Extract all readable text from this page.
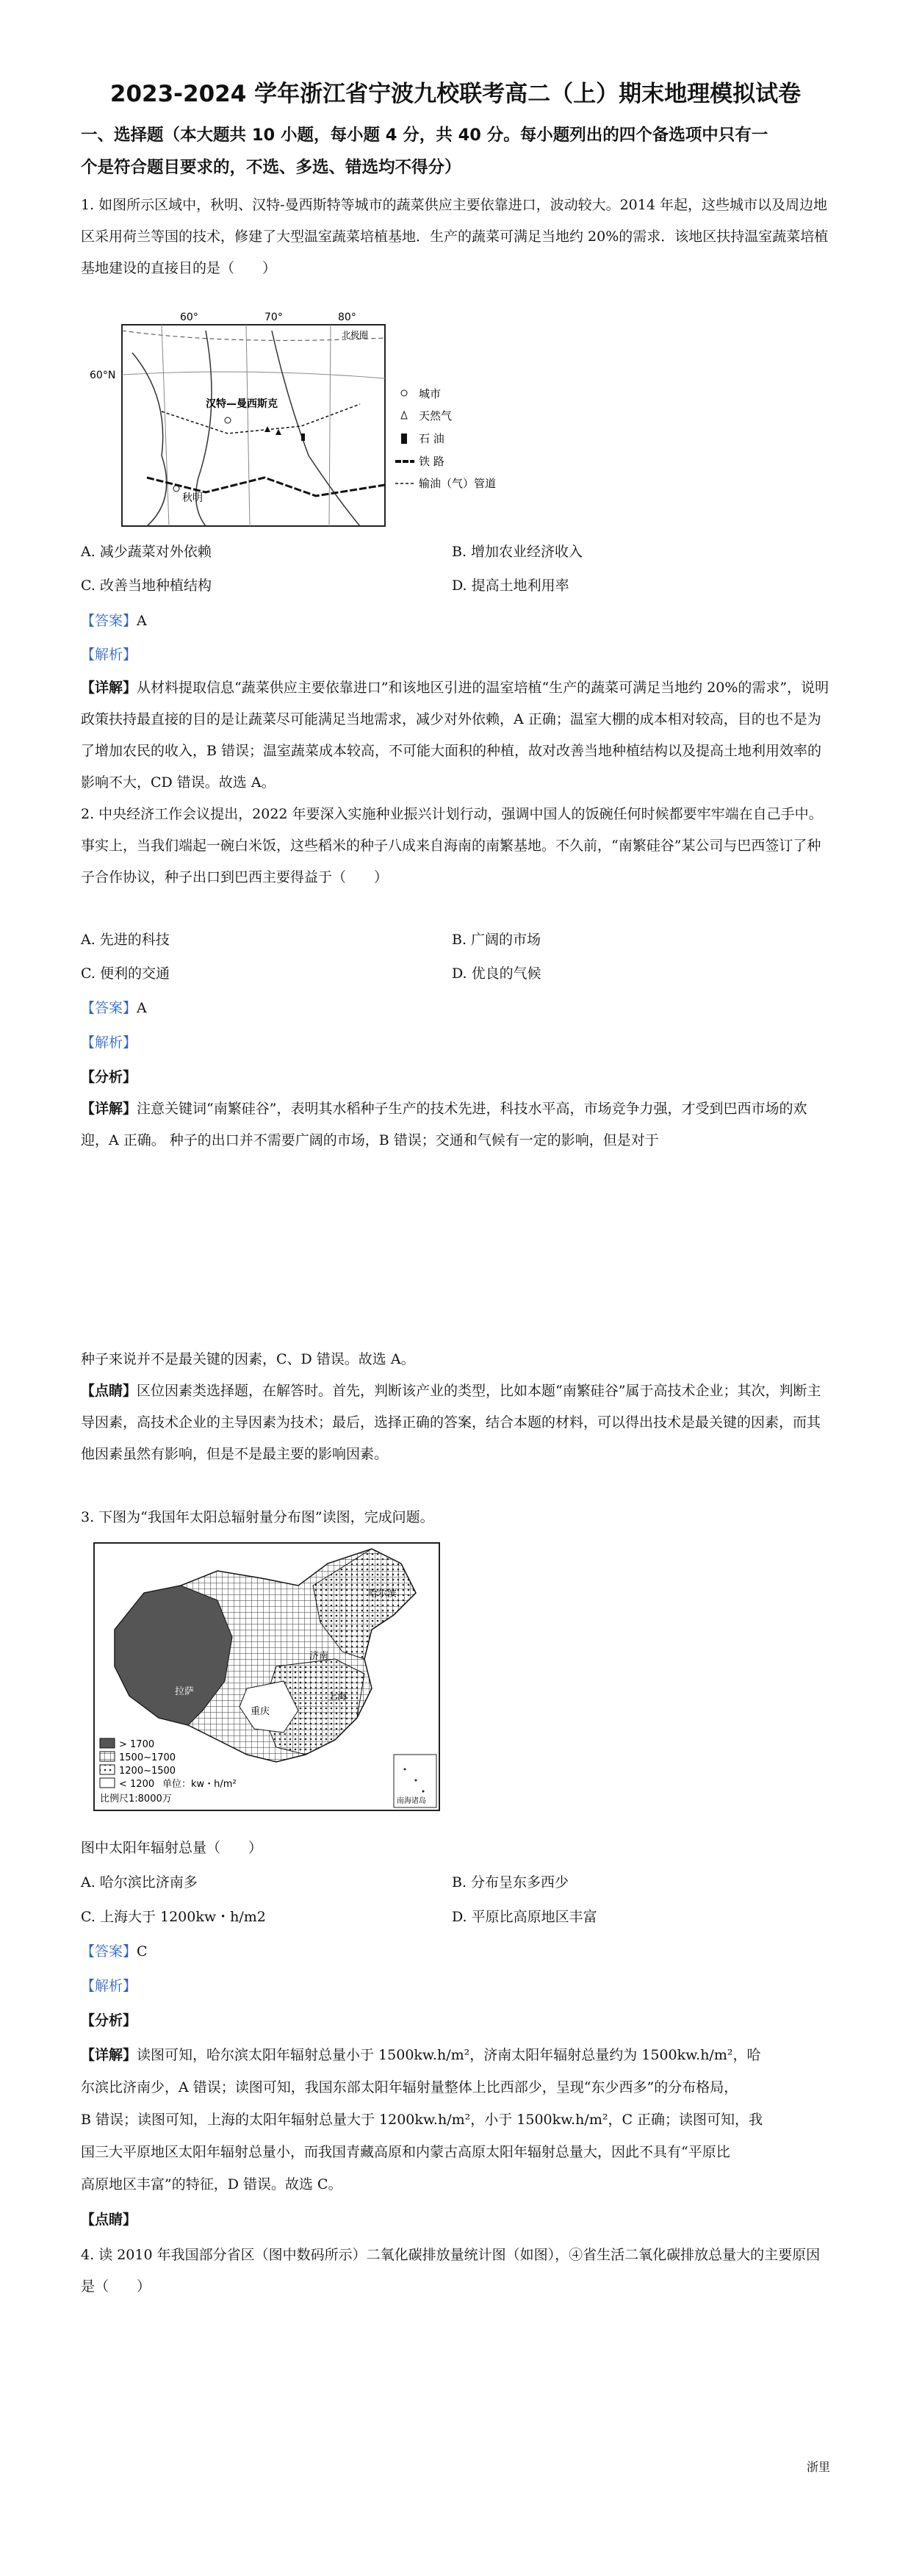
2023-2024 学年浙江省宁波九校联考高二（上）期末地理模拟试卷
一、选择题（本大题共 10 小题，每小题 4 分，共 40 分。每小题列出的四个备选项中只有一
个是符合题目要求的，不选、多选、错选均不得分）
1. 如图所示区域中，秋明、汉特-曼西斯特等城市的蔬菜供应主要依靠进口，波动较大。2014 年起，这些城市以及周边地区采用荷兰等国的技术，修建了大型温室蔬菜培植基地．生产的蔬菜可满足当地约 20%的需求．该地区扶持温室蔬菜培植基地建设的直接目的是（　　）
60°	70°	80°
60°N
北极圈
汉特—曼西斯克
秋明
城市
天然气
石 油
铁 路
输油（气）管道
A. 减少蔬菜对外依赖	B. 增加农业经济收入
C. 改善当地种植结构	D. 提高土地利用率
【答案】A
【解析】
【详解】从材料提取信息“蔬菜供应主要依靠进口”和该地区引进的温室培植“生产的蔬菜可满足当地约 20%的需求”，说明政策扶持最直接的目的是让蔬菜尽可能满足当地需求，减少对外依赖，A 正确；温室大棚的成本相对较高，目的也不是为了增加农民的收入，B 错误；温室蔬菜成本较高，不可能大面积的种植，故对改善当地种植结构以及提高土地利用效率的影响不大，CD 错误。故选 A。
2. 中央经济工作会议提出，2022 年要深入实施种业振兴计划行动，强调中国人的饭碗任何时候都要牢牢端在自己手中。事实上，当我们端起一碗白米饭，这些稻米的种子八成来自海南的南繁基地。不久前，“南繁硅谷”某公司与巴西签订了种子合作协议，种子出口到巴西主要得益于（　　）
A. 先进的科技	B. 广阔的市场
C. 便利的交通	D. 优良的气候
【答案】A
【解析】
【分析】
【详解】注意关键词“南繁硅谷”，表明其水稻种子生产的技术先进，科技水平高，市场竞争力强，才受到巴西市场的欢迎，A 正确。 种子的出口并不需要广阔的市场，B 错误；交通和气候有一定的影响，但是对于
种子来说并不是最关键的因素，C、D 错误。故选 A。
【点睛】区位因素类选择题，在解答时。首先，判断该产业的类型，比如本题“南繁硅谷”属于高技术企业；其次，判断主导因素，高技术企业的主导因素为技术；最后，选择正确的答案，结合本题的材料，可以得出技术是最关键的因素，而其他因素虽然有影响，但是不是最主要的影响因素。
3. 下图为“我国年太阳总辐射量分布图”读图，完成问题。
哈尔滨
济南
上海
重庆
拉萨
> 1700
1500~1700
1200~1500
< 1200 单位：kw・h/m²
比例尺1:8000万	南海诸岛
图中太阳年辐射总量（　　）
A. 哈尔滨比济南多	B. 分布呈东多西少
C. 上海大于 1200kw・h/m2	D. 平原比高原地区丰富
【答案】C
【解析】
【分析】
【详解】读图可知，哈尔滨太阳年辐射总量小于 1500kw.h/m²，济南太阳年辐射总量约为 1500kw.h/m²，哈
尔滨比济南少，A 错误；读图可知，我国东部太阳年辐射量整体上比西部少，呈现“东少西多”的分布格局，
B 错误；读图可知，上海的太阳年辐射总量大于 1200kw.h/m²，小于 1500kw.h/m²，C 正确；读图可知，我
国三大平原地区太阳年辐射总量小，而我国青藏高原和内蒙古高原太阳年辐射总量大，因此不具有“平原比
高原地区丰富”的特征，D 错误。故选 C。
【点睛】
4. 读 2010 年我国部分省区（图中数码所示）二氧化碳排放量统计图（如图），④省生活二氧化碳排放总量大的主要原因是（　　）
浙里
